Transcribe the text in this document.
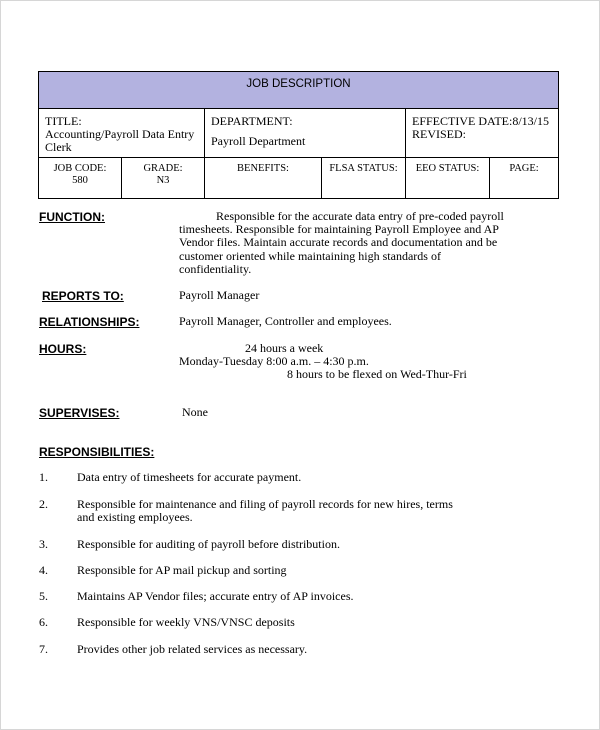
JOB DESCRIPTION
TITLE:
Accounting/Payroll Data Entry
Clerk
DEPARTMENT:
Payroll Department
EFFECTIVE DATE:8/13/15
REVISED:
JOB CODE:
580
GRADE:
N3
BENEFITS:	FLSA STATUS:	EEO STATUS:	PAGE:
FUNCTION:	Responsible for the accurate data entry of pre-coded payroll timesheets. Responsible for maintaining Payroll Employee and AP Vendor files. Maintain accurate records and documentation and be customer oriented while maintaining high standards of confidentiality.
REPORTS TO:	Payroll Manager
RELATIONSHIPS:	Payroll Manager, Controller and employees.
HOURS:	24 hours a week
Monday-Tuesday 8:00 a.m. – 4:30 p.m.
8 hours to be flexed on Wed-Thur-Fri
SUPERVISES:	None
RESPONSIBILITIES:
1.	Data entry of timesheets for accurate payment.
2.	Responsible for maintenance and filing of payroll records for new hires, terms and existing employees.
3.	Responsible for auditing of payroll before distribution.
4.	Responsible for AP mail pickup and sorting
5.	Maintains AP Vendor files; accurate entry of AP invoices.
6.	Responsible for weekly VNS/VNSC deposits
7.	Provides other job related services as necessary.
